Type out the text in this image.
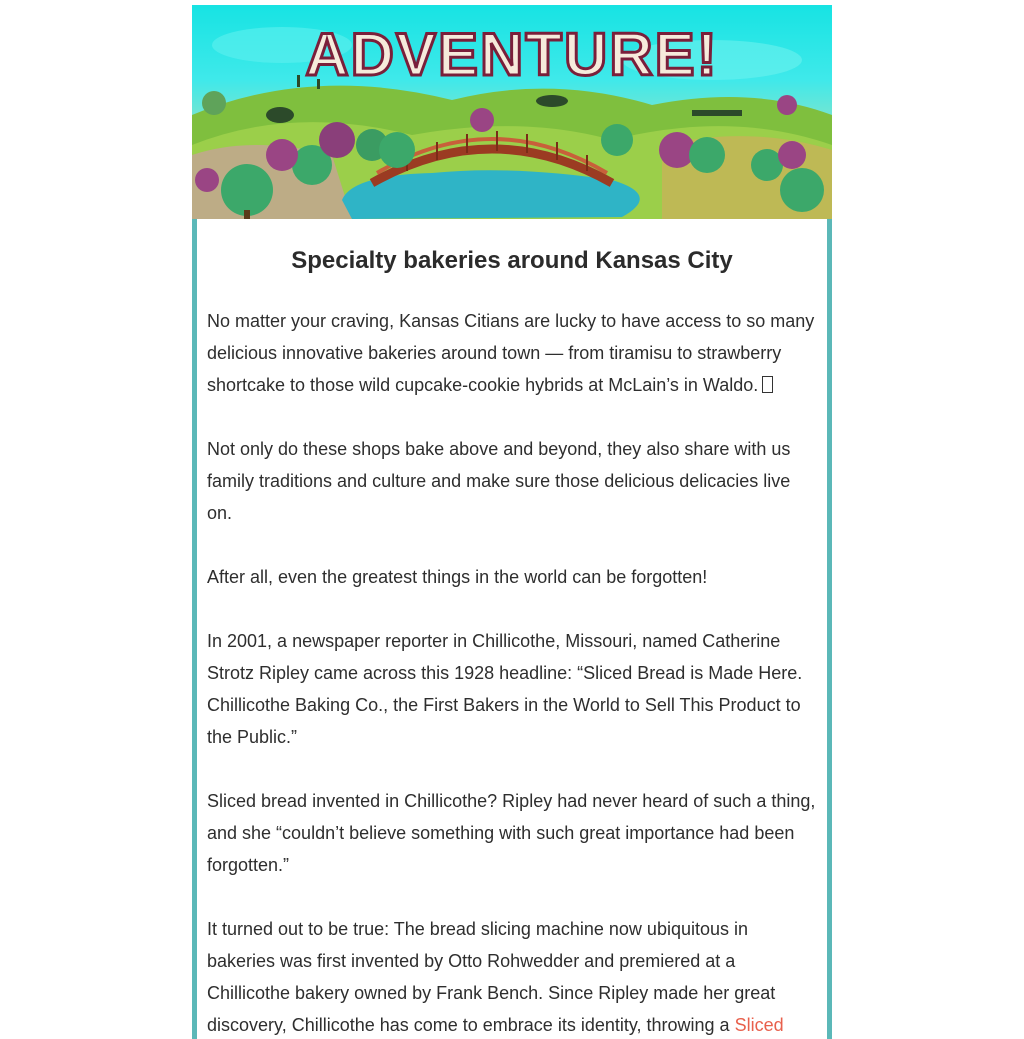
ADVENTURE!
Specialty bakeries around Kansas City

No matter your craving, Kansas Citians are lucky to have access to so many delicious innovative bakeries around town — from tiramisu to strawberry shortcake to those wild cupcake-cookie hybrids at McLain’s in Waldo.

Not only do these shops bake above and beyond, they also share with us family traditions and culture and make sure those delicious delicacies live on.

After all, even the greatest things in the world can be forgotten!

In 2001, a newspaper reporter in Chillicothe, Missouri, named Catherine Strotz Ripley came across this 1928 headline: “Sliced Bread is Made Here. Chillicothe Baking Co., the First Bakers in the World to Sell This Product to the Public.”

Sliced bread invented in Chillicothe? Ripley had never heard of such a thing, and she “couldn’t believe something with such great importance had been forgotten.”

It turned out to be true: The bread slicing machine now ubiquitous in bakeries was first invented by Otto Rohwedder and premiered at a Chillicothe bakery owned by Frank Bench. Since Ripley made her great discovery, Chillicothe has come to embrace its identity, throwing a Sliced
